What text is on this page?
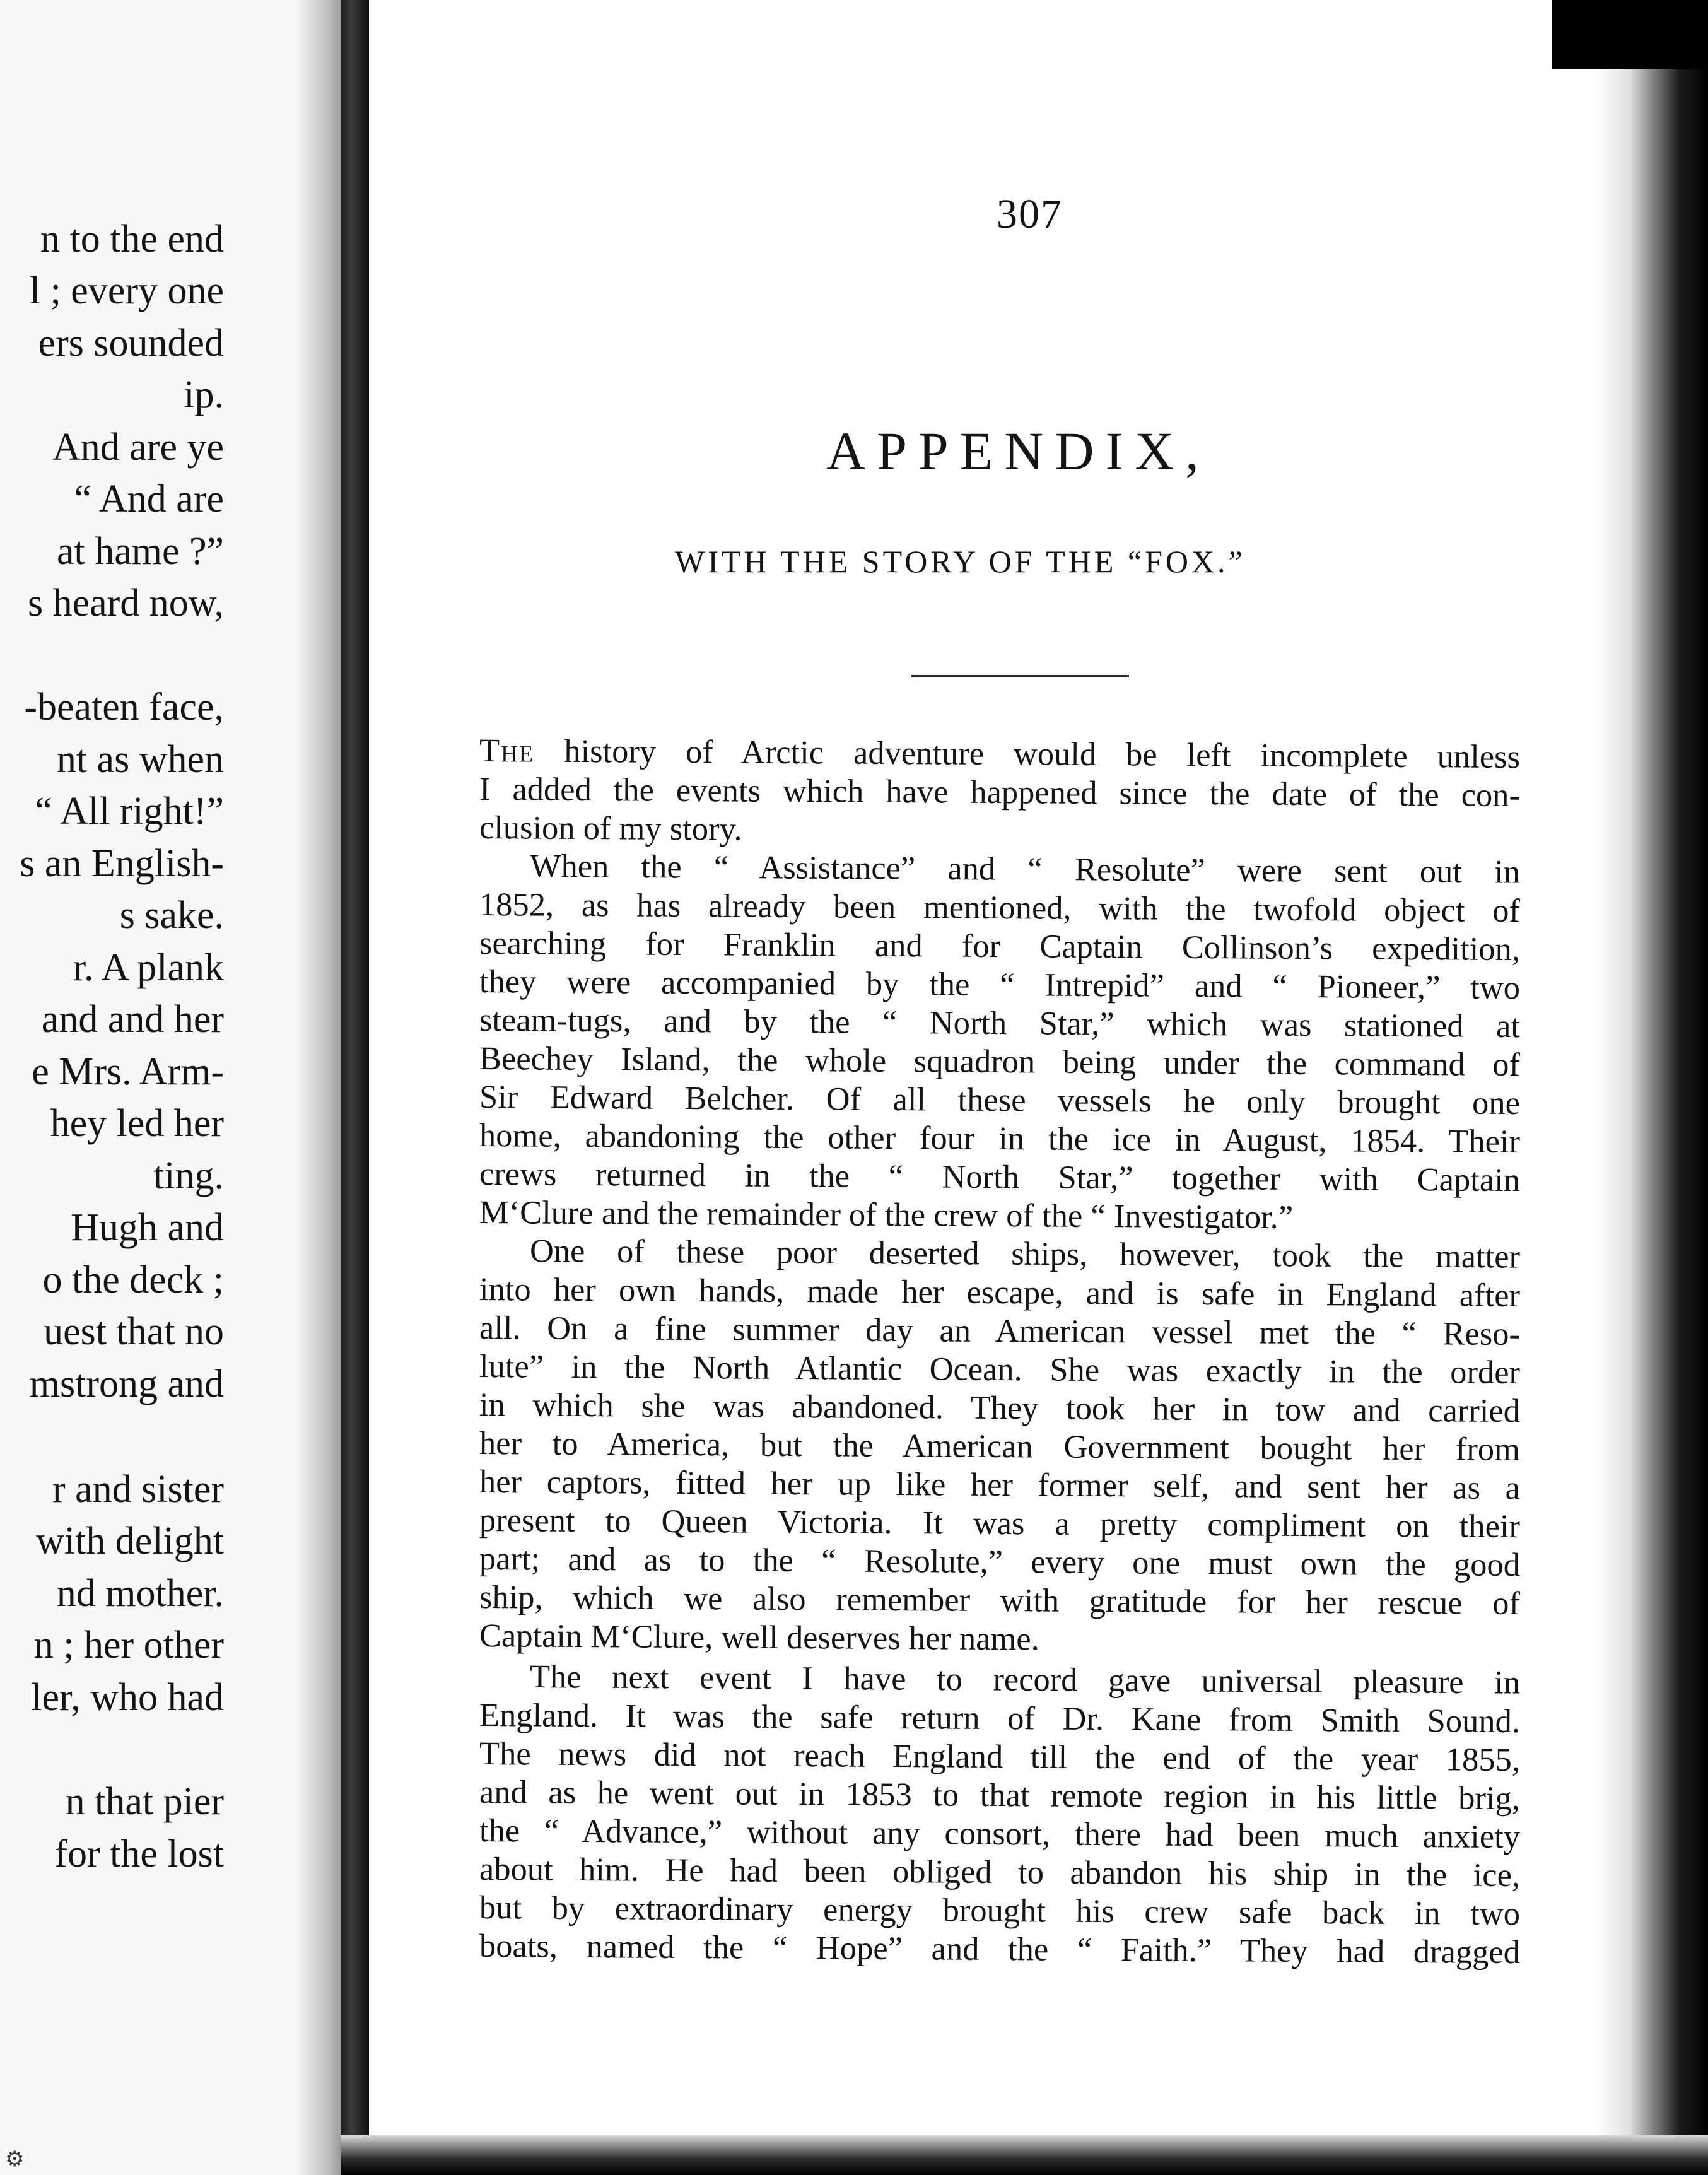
n to the end
l ; every one
ers sounded
ip.
And are ye
“ And are
at hame ?”
s heard now,
-beaten face,
nt as when
“ All right!”
s an English-
s sake.
r. A plank
and and her
e Mrs. Arm-
hey led her
ting.
Hugh and
o the deck ;
uest that no
mstrong and
r and sister
with delight
nd mother.
n ; her other
ler, who had
n that pier
for the lost
⚙
307
APPENDIX,
WITH THE STORY OF THE “FOX.”
The history of Arctic adventure would be left incomplete unless
I added the events which have happened since the date of the con-
clusion of my story.
When the “ Assistance” and “ Resolute” were sent out in
1852, as has already been mentioned, with the twofold object of
searching for Franklin and for Captain Collinson’s expedition,
they were accompanied by the “ Intrepid” and “ Pioneer,” two
steam-tugs, and by the “ North Star,” which was stationed at
Beechey Island, the whole squadron being under the command of
Sir Edward Belcher. Of all these vessels he only brought one
home, abandoning the other four in the ice in August, 1854. Their
crews returned in the “ North Star,” together with Captain
M‘Clure and the remainder of the crew of the “ Investigator.”
One of these poor deserted ships, however, took the matter
into her own hands, made her escape, and is safe in England after
all. On a fine summer day an American vessel met the “ Reso-
lute” in the North Atlantic Ocean. She was exactly in the order
in which she was abandoned. They took her in tow and carried
her to America, but the American Government bought her from
her captors, fitted her up like her former self, and sent her as a
present to Queen Victoria. It was a pretty compliment on their
part; and as to the “ Resolute,” every one must own the good
ship, which we also remember with gratitude for her rescue of
Captain M‘Clure, well deserves her name.
The next event I have to record gave universal pleasure in
England. It was the safe return of Dr. Kane from Smith Sound.
The news did not reach England till the end of the year 1855,
and as he went out in 1853 to that remote region in his little brig,
the “ Advance,” without any consort, there had been much anxiety
about him. He had been obliged to abandon his ship in the ice,
but by extraordinary energy brought his crew safe back in two
boats, named the “ Hope” and the “ Faith.” They had dragged
